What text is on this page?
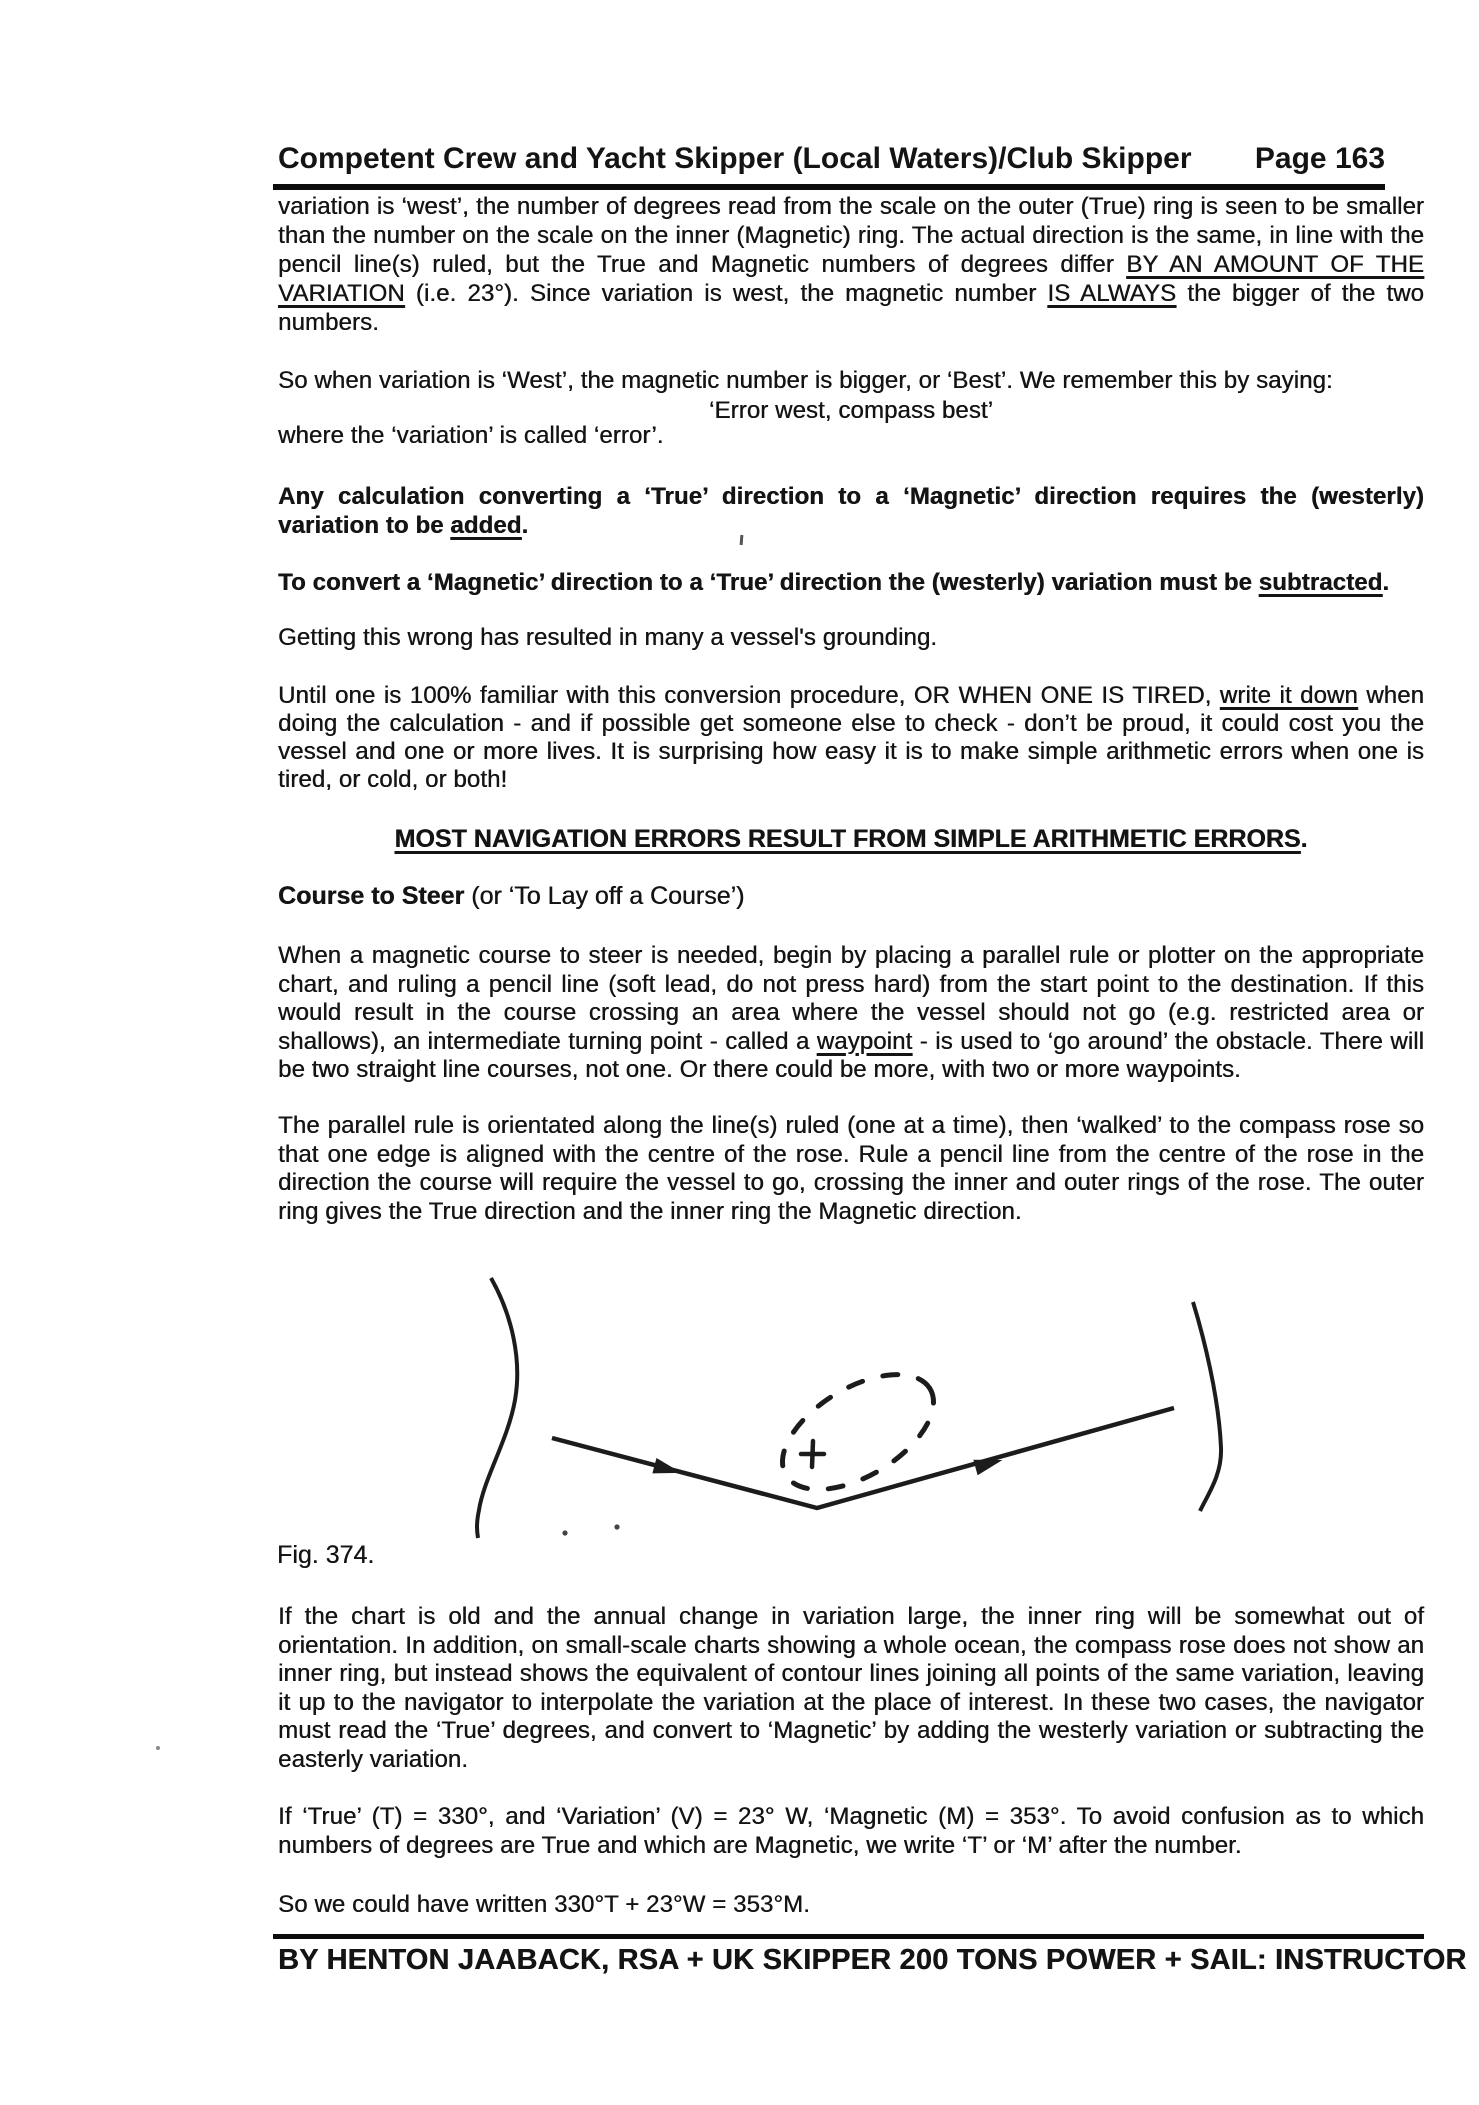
Competent Crew and Yacht Skipper (Local Waters)/Club Skipper Page 163
variation is ‘west’, the number of degrees read from the scale on the outer (True) ring is seen to be smaller than the number on the scale on the inner (Magnetic) ring. The actual direction is the same, in line with the pencil line(s) ruled, but the True and Magnetic numbers of degrees differ BY AN AMOUNT OF THE VARIATION (i.e. 23°). Since variation is west, the magnetic number IS ALWAYS the bigger of the two numbers.
So when variation is ‘West’, the magnetic number is bigger, or ‘Best’. We remember this by saying:
‘Error west, compass best’
where the ‘variation’ is called ‘error’.
Any calculation converting a ‘True’ direction to a ‘Magnetic’ direction requires the (westerly) variation to be added.
To convert a ‘Magnetic’ direction to a ‘True’ direction the (westerly) variation must be subtracted.
Getting this wrong has resulted in many a vessel's grounding.
Until one is 100% familiar with this conversion procedure, OR WHEN ONE IS TIRED, write it down when doing the calculation - and if possible get someone else to check - don’t be proud, it could cost you the vessel and one or more lives. It is surprising how easy it is to make simple arithmetic errors when one is tired, or cold, or both!
MOST NAVIGATION ERRORS RESULT FROM SIMPLE ARITHMETIC ERRORS.
Course to Steer (or ‘To Lay off a Course’)
When a magnetic course to steer is needed, begin by placing a parallel rule or plotter on the appropriate chart, and ruling a pencil line (soft lead, do not press hard) from the start point to the destination. If this would result in the course crossing an area where the vessel should not go (e.g. restricted area or shallows), an intermediate turning point - called a waypoint - is used to ‘go around’ the obstacle. There will be two straight line courses, not one. Or there could be more, with two or more waypoints.
The parallel rule is orientated along the line(s) ruled (one at a time), then ‘walked’ to the compass rose so that one edge is aligned with the centre of the rose. Rule a pencil line from the centre of the rose in the direction the course will require the vessel to go, crossing the inner and outer rings of the rose. The outer ring gives the True direction and the inner ring the Magnetic direction.
Fig. 374.
If the chart is old and the annual change in variation large, the inner ring will be somewhat out of orientation. In addition, on small-scale charts showing a whole ocean, the compass rose does not show an inner ring, but instead shows the equivalent of contour lines joining all points of the same variation, leaving it up to the navigator to interpolate the variation at the place of interest. In these two cases, the navigator must read the ‘True’ degrees, and convert to ‘Magnetic’ by adding the westerly variation or subtracting the easterly variation.
If ‘True’ (T) = 330°, and ‘Variation’ (V) = 23° W, ‘Magnetic (M) = 353°. To avoid confusion as to which numbers of degrees are True and which are Magnetic, we write ‘T’ or ‘M’ after the number.
So we could have written 330°T + 23°W = 353°M.
BY HENTON JAABACK, RSA + UK SKIPPER 200 TONS POWER + SAIL: INSTRUCTOR
